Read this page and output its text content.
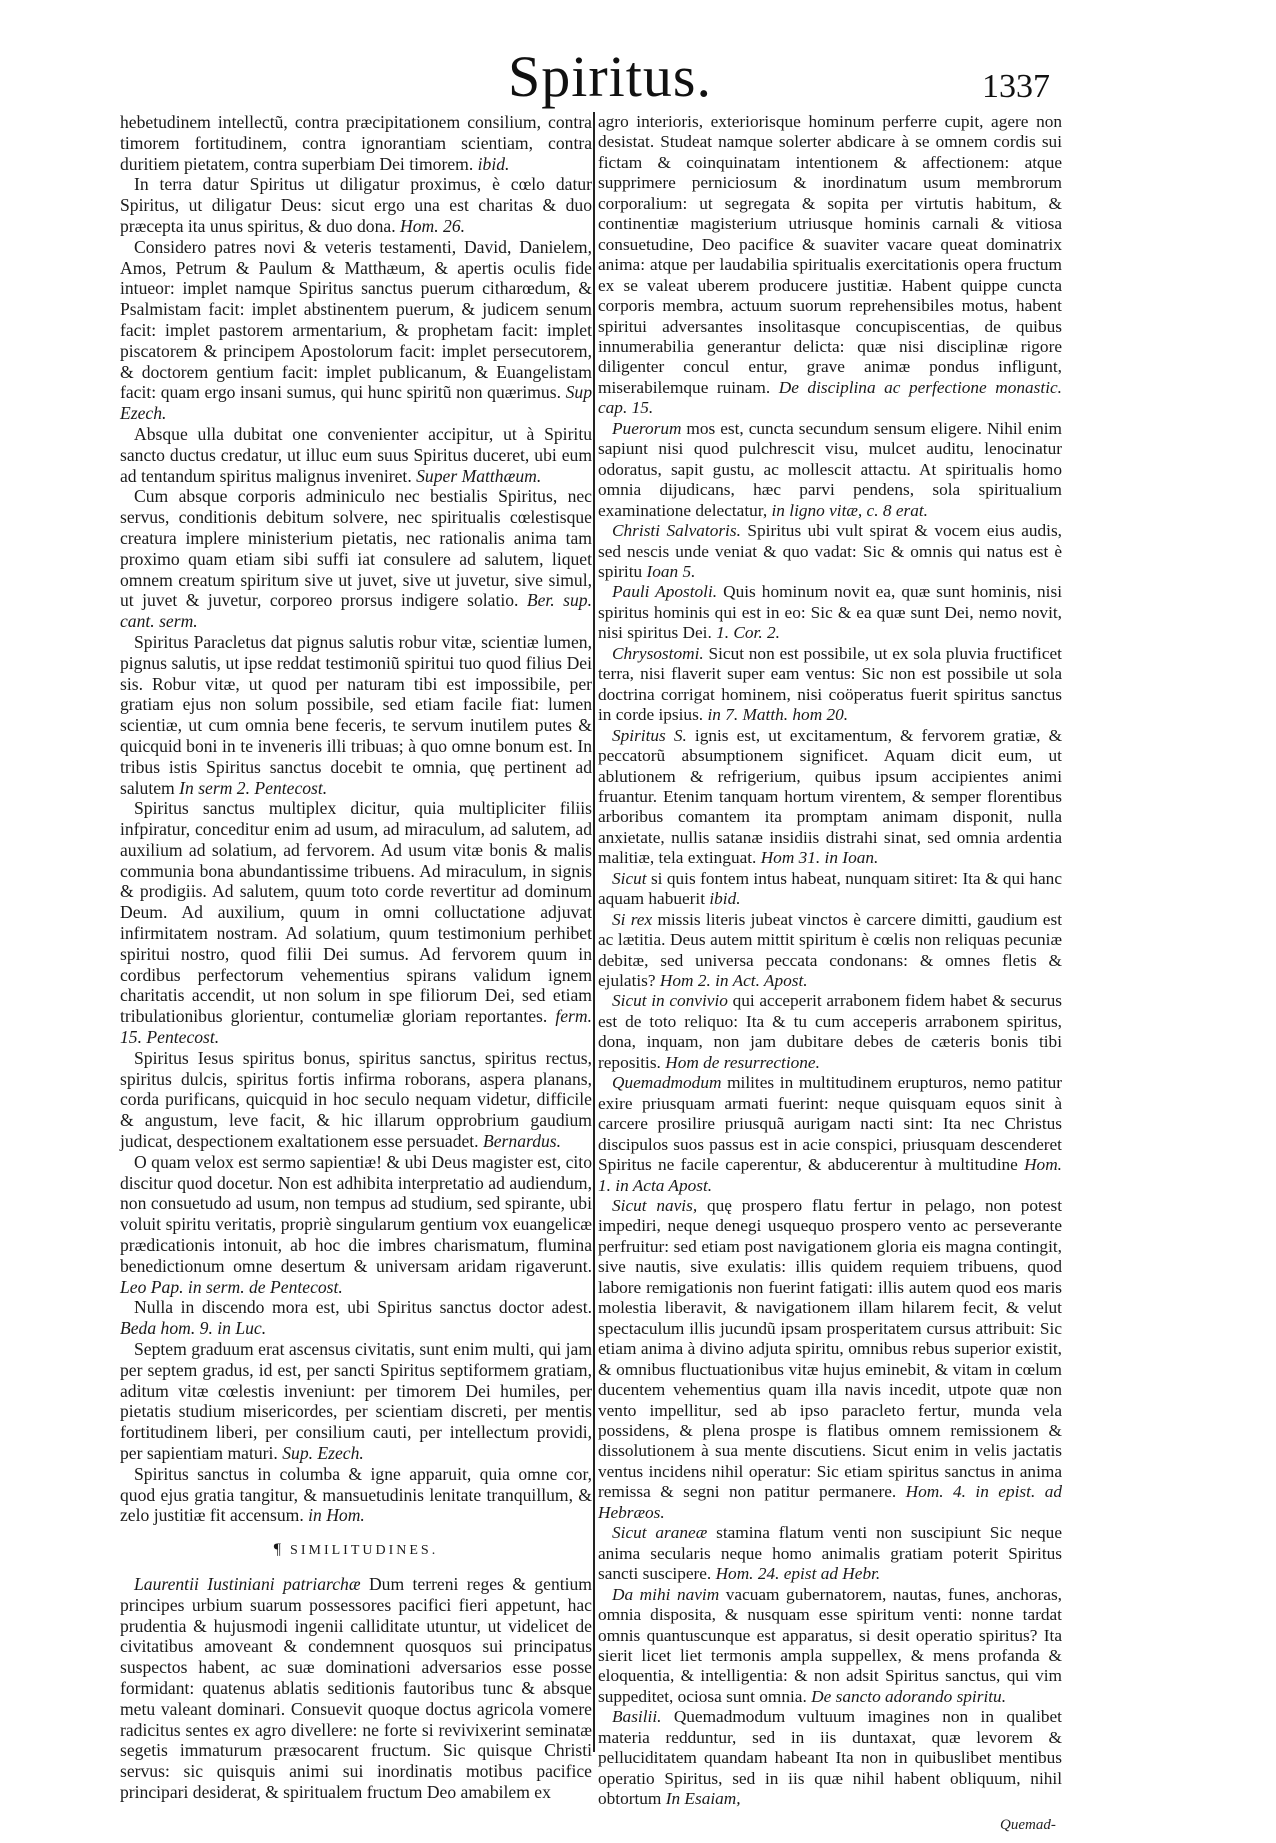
Spiritus.	1337

hebetudinem intellectũ, contra præcipitationem consilium, contra timorem fortitudinem, contra ignorantiam scientiam, contra duritiem pietatem, contra superbiam Dei timorem. ibid.

In terra datur Spiritus ut diligatur proximus, è cœlo datur Spiritus, ut diligatur Deus: sicut ergo una est charitas & duo præcepta ita unus spiritus, & duo dona. Hom. 26.

Considero patres novi & veteris testamenti, David, Danielem, Amos, Petrum & Paulum & Matthæum, & apertis oculis fide intueor: implet namque Spiritus sanctus puerum citharœdum, & Psalmistam facit: implet abstinentem puerum, & judicem senum facit: implet pastorem armentarium, & prophetam facit: implet piscatorem & principem Apostolorum facit: implet persecutorem, & doctorem gentium facit: implet publicanum, & Euangelistam facit: quam ergo insani sumus, qui hunc spiritũ non quærimus. Sup Ezech.

Absque ulla dubitat one convenienter accipitur, ut à Spiritu sancto ductus credatur, ut illuc eum suus Spiritus duceret, ubi eum ad tentandum spiritus malignus inveniret. Super Matthæum.

Cum absque corporis adminiculo nec bestialis Spiritus, nec servus, conditionis debitum solvere, nec spiritualis cœlestisque creatura implere ministerium pietatis, nec rationalis anima tam proximo quam etiam sibi suffi iat consulere ad salutem, liquet omnem creatum spiritum sive ut juvet, sive ut juvetur, sive simul, ut juvet & juvetur, corporeo prorsus indigere solatio. Ber. sup. cant. serm.

Spiritus Paracletus dat pignus salutis robur vitæ, scientiæ lumen, pignus salutis, ut ipse reddat testimoniũ spiritui tuo quod filius Dei sis. Robur vitæ, ut quod per naturam tibi est impossibile, per gratiam ejus non solum possibile, sed etiam facile fiat: lumen scientiæ, ut cum omnia bene feceris, te servum inutilem putes & quicquid boni in te inveneris illi tribuas; à quo omne bonum est. In tribus istis Spiritus sanctus docebit te omnia, quę pertinent ad salutem In serm 2. Pentecost.

Spiritus sanctus multiplex dicitur, quia multipliciter filiis infpiratur, conceditur enim ad usum, ad miraculum, ad salutem, ad auxilium ad solatium, ad fervorem. Ad usum vitæ bonis & malis communia bona abundantissime tribuens. Ad miraculum, in signis & prodigiis. Ad salutem, quum toto corde revertitur ad dominum Deum. Ad auxilium, quum in omni colluctatione adjuvat infirmitatem nostram. Ad solatium, quum testimonium perhibet spiritui nostro, quod filii Dei sumus. Ad fervorem quum in cordibus perfectorum vehementius spirans validum ignem charitatis accendit, ut non solum in spe filiorum Dei, sed etiam tribulationibus glorientur, contumeliæ gloriam reportantes. ferm. 15. Pentecost.

Spiritus Iesus spiritus bonus, spiritus sanctus, spiritus rectus, spiritus dulcis, spiritus fortis infirma roborans, aspera planans, corda purificans, quicquid in hoc seculo nequam videtur, difficile & angustum, leve facit, & hic illarum opprobrium gaudium judicat, despectionem exaltationem esse persuadet. Bernardus.

O quam velox est sermo sapientiæ! & ubi Deus magister est, cito discitur quod docetur. Non est adhibita interpretatio ad audiendum, non consuetudo ad usum, non tempus ad studium, sed spirante, ubi voluit spiritu veritatis, propriè singularum gentium vox euangelicæ prædicationis intonuit, ab hoc die imbres charismatum, flumina benedictionum omne desertum & universam aridam rigaverunt. Leo Pap. in serm. de Pentecost.

Nulla in discendo mora est, ubi Spiritus sanctus doctor adest. Beda hom. 9. in Luc.

Septem graduum erat ascensus civitatis, sunt enim multi, qui jam per septem gradus, id est, per sancti Spiritus septiformem gratiam, aditum vitæ cœlestis inveniunt: per timorem Dei humiles, per pietatis studium misericordes, per scientiam discreti, per mentis fortitudinem liberi, per consilium cauti, per intellectum providi, per sapientiam maturi. Sup. Ezech.

Spiritus sanctus in columba & igne apparuit, quia omne cor, quod ejus gratia tangitur, & mansuetudinis lenitate tranquillum, & zelo justitiæ fit accensum. in Hom.

¶ SIMILITUDINES.

Laurentii Iustiniani patriarchæ Dum terreni reges & gentium principes urbium suarum possessores pacifici fieri appetunt, hac prudentia & hujusmodi ingenii calliditate utuntur, ut videlicet de civitatibus amoveant & condemnent quosquos sui principatus suspectos habent, ac suæ dominationi adversarios esse posse formidant: quatenus ablatis seditionis fautoribus tunc & absque metu valeant dominari. Consuevit quoque doctus agricola vomere radicitus sentes ex agro divellere: ne forte si revivixerint seminatæ segetis immaturum præsocarent fructum. Sic quisque Christi servus: sic quisquis animi sui inordinatis motibus pacifice principari desiderat, & spiritualem fructum Deo amabilem ex

agro interioris, exteriorisque hominum perferre cupit, agere non desistat. Studeat namque solerter abdicare à se omnem cordis sui fictam & coinquinatam intentionem & affectionem: atque supprimere perniciosum & inordinatum usum membrorum corporalium: ut segregata & sopita per virtutis habitum, & continentiæ magisterium utriusque hominis carnali & vitiosa consuetudine, Deo pacifice & suaviter vacare queat dominatrix anima: atque per laudabilia spiritualis exercitationis opera fructum ex se valeat uberem producere justitiæ. Habent quippe cuncta corporis membra, actuum suorum reprehensibiles motus, habent spiritui adversantes insolitasque concupiscentias, de quibus innumerabilia generantur delicta: quæ nisi disciplinæ rigore diligenter concul entur, grave animæ pondus infligunt, miserabilemque ruinam. De disciplina ac perfectione monastic. cap. 15.

Puerorum mos est, cuncta secundum sensum eligere. Nihil enim sapiunt nisi quod pulchrescit visu, mulcet auditu, lenocinatur odoratus, sapit gustu, ac mollescit attactu. At spiritualis homo omnia dijudicans, hæc parvi pendens, sola spiritualium examinatione delectatur, in ligno vitæ, c. 8 erat.

Christi Salvatoris. Spiritus ubi vult spirat & vocem eius audis, sed nescis unde veniat & quo vadat: Sic & omnis qui natus est è spiritu Ioan 5.

Pauli Apostoli. Quis hominum novit ea, quæ sunt hominis, nisi spiritus hominis qui est in eo: Sic & ea quæ sunt Dei, nemo novit, nisi spiritus Dei. 1. Cor. 2.

Chrysostomi. Sicut non est possibile, ut ex sola pluvia fructificet terra, nisi flaverit super eam ventus: Sic non est possibile ut sola doctrina corrigat hominem, nisi coöperatus fuerit spiritus sanctus in corde ipsius. in 7. Matth. hom 20.

Spiritus S. ignis est, ut excitamentum, & fervorem gratiæ, & peccatorũ absumptionem significet. Aquam dicit eum, ut ablutionem & refrigerium, quibus ipsum accipientes animi fruantur. Etenim tanquam hortum virentem, & semper florentibus arboribus comantem ita promptam animam disponit, nulla anxietate, nullis satanæ insidiis distrahi sinat, sed omnia ardentia malitiæ, tela extinguat. Hom 31. in Ioan.

Sicut si quis fontem intus habeat, nunquam sitiret: Ita & qui hanc aquam habuerit ibid.

Si rex missis literis jubeat vinctos è carcere dimitti, gaudium est ac lætitia. Deus autem mittit spiritum è cœlis non reliquas pecuniæ debitæ, sed universa peccata condonans: & omnes fletis & ejulatis? Hom 2. in Act. Apost.

Sicut in convivio qui acceperit arrabonem fidem habet & securus est de toto reliquo: Ita & tu cum acceperis arrabonem spiritus, dona, inquam, non jam dubitare debes de cæteris bonis tibi repositis. Hom de resurrectione.

Quemadmodum milites in multitudinem erupturos, nemo patitur exire priusquam armati fuerint: neque quisquam equos sinit à carcere prosilire priusquã aurigam nacti sint: Ita nec Christus discipulos suos passus est in acie conspici, priusquam descenderet Spiritus ne facile caperentur, & abducerentur à multitudine Hom. 1. in Acta Apost.

Sicut navis, quę prospero flatu fertur in pelago, non potest impediri, neque denegi usquequo prospero vento ac perseverante perfruitur: sed etiam post navigationem gloria eis magna contingit, sive nautis, sive exulatis: illis quidem requiem tribuens, quod labore remigationis non fuerint fatigati: illis autem quod eos maris molestia liberavit, & navigationem illam hilarem fecit, & velut spectaculum illis jucundũ ipsam prosperitatem cursus attribuit: Sic etiam anima à divino adjuta spiritu, omnibus rebus superior existit, & omnibus fluctuationibus vitæ hujus eminebit, & vitam in cœlum ducentem vehementius quam illa navis incedit, utpote quæ non vento impellitur, sed ab ipso paracleto fertur, munda vela possidens, & plena prospe is flatibus omnem remissionem & dissolutionem à sua mente discutiens. Sicut enim in velis jactatis ventus incidens nihil operatur: Sic etiam spiritus sanctus in anima remissa & segni non patitur permanere. Hom. 4. in epist. ad Hebræos.

Sicut araneæ stamina flatum venti non suscipiunt Sic neque anima secularis neque homo animalis gratiam poterit Spiritus sancti suscipere. Hom. 24. epist ad Hebr.

Da mihi navim vacuam gubernatorem, nautas, funes, anchoras, omnia disposita, & nusquam esse spiritum venti: nonne tardat omnis quantuscunque est apparatus, si desit operatio spiritus? Ita sierit licet liet termonis ampla suppellex, & mens profanda & eloquentia, & intelligentia: & non adsit Spiritus sanctus, qui vim suppeditet, ociosa sunt omnia. De sancto adorando spiritu.

Basilii. Quemadmodum vultuum imagines non in qualibet materia redduntur, sed in iis duntaxat, quæ levorem & pelluciditatem quandam habeant Ita non in quibuslibet mentibus operatio Spiritus, sed in iis quæ nihil habent obliquum, nihil obtortum In Esaiam,

Quemad-
